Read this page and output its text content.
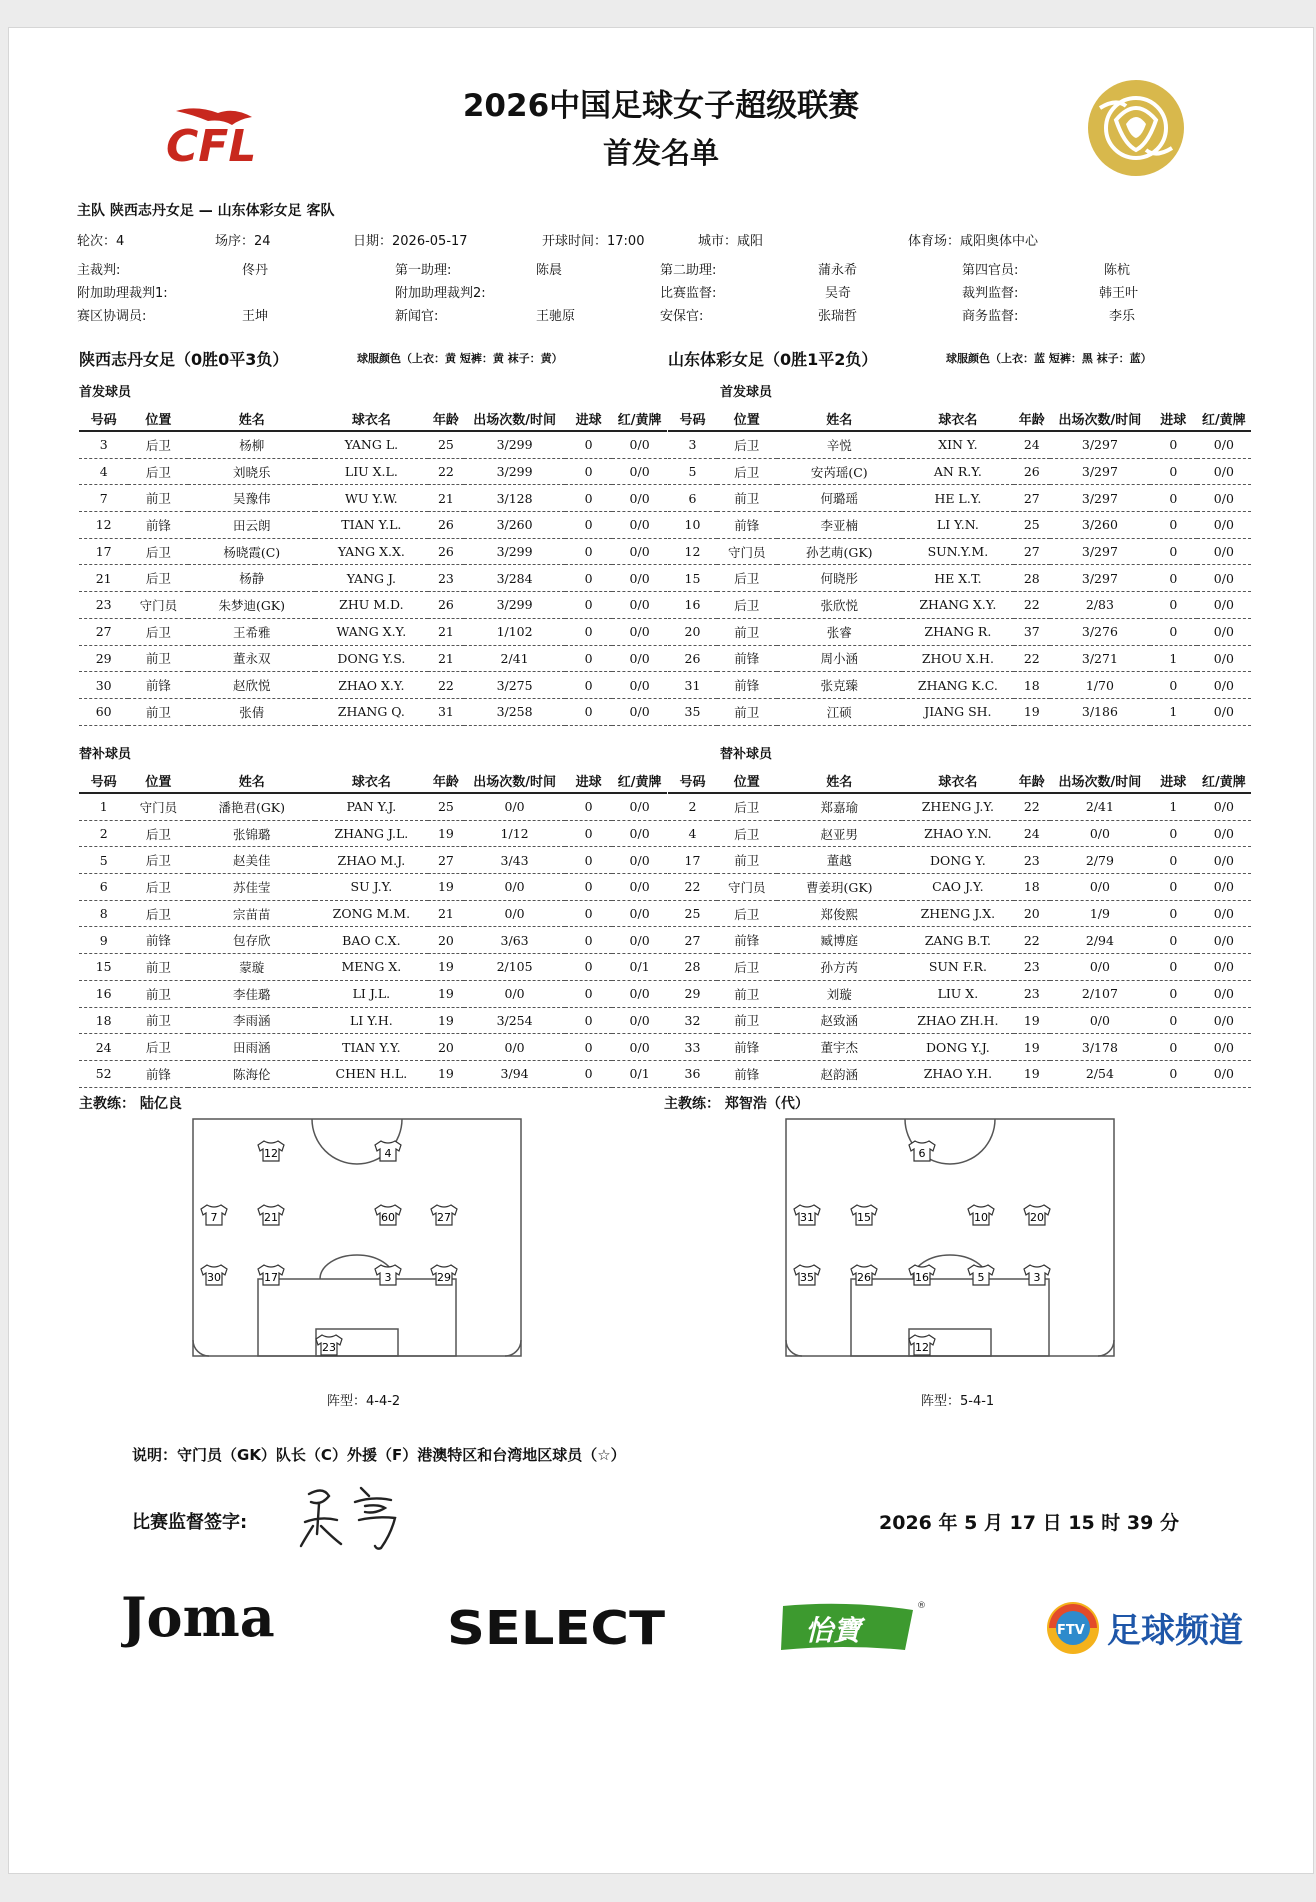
CFL
2026中国足球女子超级联赛
首发名单
主队 陕西志丹女足 — 山东体彩女足 客队
轮次：4	场序：24	日期：2026-05-17	开球时间：17:00	城市：咸阳	体育场：咸阳奥体中心
主裁判:	佟丹	第一助理:	陈晨	第二助理:	蒲永希	第四官员:	陈杭
附加助理裁判1:	附加助理裁判2:	比赛监督:	吴奇	裁判监督:	韩王叶
赛区协调员:	王坤	新闻官:	王驰原	安保官:	张瑞哲	商务监督:	李乐
陕西志丹女足（0胜0平3负）	球服颜色（上衣：黄 短裤：黄 袜子：黄）	山东体彩女足（0胜1平2负）	球服颜色（上衣：蓝 短裤：黑 袜子：蓝）
首发球员	首发球员
号码	位置	姓名	球衣名	年龄	出场次数/时间	进球	红/黄牌
3	后卫	杨柳	YANG L.	25	3/299	0	0/0
4	后卫	刘晓乐	LIU X.L.	22	3/299	0	0/0
7	前卫	吴豫伟	WU Y.W.	21	3/128	0	0/0
12	前锋	田云朗	TIAN Y.L.	26	3/260	0	0/0
17	后卫	杨晓霞(C)	YANG X.X.	26	3/299	0	0/0
21	后卫	杨静	YANG J.	23	3/284	0	0/0
23	守门员	朱梦迪(GK)	ZHU M.D.	26	3/299	0	0/0
27	后卫	王希雅	WANG X.Y.	21	1/102	0	0/0
29	前卫	董永双	DONG Y.S.	21	2/41	0	0/0
30	前锋	赵欣悦	ZHAO X.Y.	22	3/275	0	0/0
60	前卫	张倩	ZHANG Q.	31	3/258	0	0/0
号码	位置	姓名	球衣名	年龄	出场次数/时间	进球	红/黄牌
3	后卫	辛悦	XIN Y.	24	3/297	0	0/0
5	后卫	安芮瑶(C)	AN R.Y.	26	3/297	0	0/0
6	前卫	何璐瑶	HE L.Y.	27	3/297	0	0/0
10	前锋	李亚楠	LI Y.N.	25	3/260	0	0/0
12	守门员	孙艺萌(GK)	SUN.Y.M.	27	3/297	0	0/0
15	后卫	何晓彤	HE X.T.	28	3/297	0	0/0
16	后卫	张欣悦	ZHANG X.Y.	22	2/83	0	0/0
20	前卫	张睿	ZHANG R.	37	3/276	0	0/0
26	前锋	周小涵	ZHOU X.H.	22	3/271	1	0/0
31	前锋	张克臻	ZHANG K.C.	18	1/70	0	0/0
35	前卫	江硕	JIANG SH.	19	3/186	1	0/0
替补球员	替补球员
号码	位置	姓名	球衣名	年龄	出场次数/时间	进球	红/黄牌
1	守门员	潘艳君(GK)	PAN Y.J.	25	0/0	0	0/0
2	后卫	张锦璐	ZHANG J.L.	19	1/12	0	0/0
5	后卫	赵美佳	ZHAO M.J.	27	3/43	0	0/0
6	后卫	苏佳莹	SU J.Y.	19	0/0	0	0/0
8	后卫	宗苗苗	ZONG M.M.	21	0/0	0	0/0
9	前锋	包存欣	BAO C.X.	20	3/63	0	0/0
15	前卫	蒙璇	MENG X.	19	2/105	0	0/1
16	前卫	李佳璐	LI J.L.	19	0/0	0	0/0
18	前卫	李雨涵	LI Y.H.	19	3/254	0	0/0
24	后卫	田雨涵	TIAN Y.Y.	20	0/0	0	0/0
52	前锋	陈海伦	CHEN H.L.	19	3/94	0	0/1
号码	位置	姓名	球衣名	年龄	出场次数/时间	进球	红/黄牌
2	后卫	郑嘉瑜	ZHENG J.Y.	22	2/41	1	0/0
4	后卫	赵亚男	ZHAO Y.N.	24	0/0	0	0/0
17	前卫	董越	DONG Y.	23	2/79	0	0/0
22	守门员	曹姜玥(GK)	CAO J.Y.	18	0/0	0	0/0
25	后卫	郑俊熙	ZHENG J.X.	20	1/9	0	0/0
27	前锋	臧博庭	ZANG B.T.	22	2/94	0	0/0
28	后卫	孙方芮	SUN F.R.	23	0/0	0	0/0
29	前卫	刘璇	LIU X.	23	2/107	0	0/0
32	前卫	赵致涵	ZHAO ZH.H.	19	0/0	0	0/0
33	前锋	董宇杰	DONG Y.J.	19	3/178	0	0/0
36	前锋	赵韵涵	ZHAO Y.H.	19	2/54	0	0/0
主教练： 陆亿良	主教练： 郑智浩（代）
12	4
7	21	60	27
30	17	3	29
23
阵型：4-4-2
6
31	15	10	20
35	26	16	5	3
12
阵型：5-4-1
说明：守门员（GK）队长（C）外援（F）港澳特区和台湾地区球员（☆）
比赛监督签字:	2026 年 5 月 17 日 15 时 39 分
Joma	SELECT	怡寶
®
FTV 足球频道
